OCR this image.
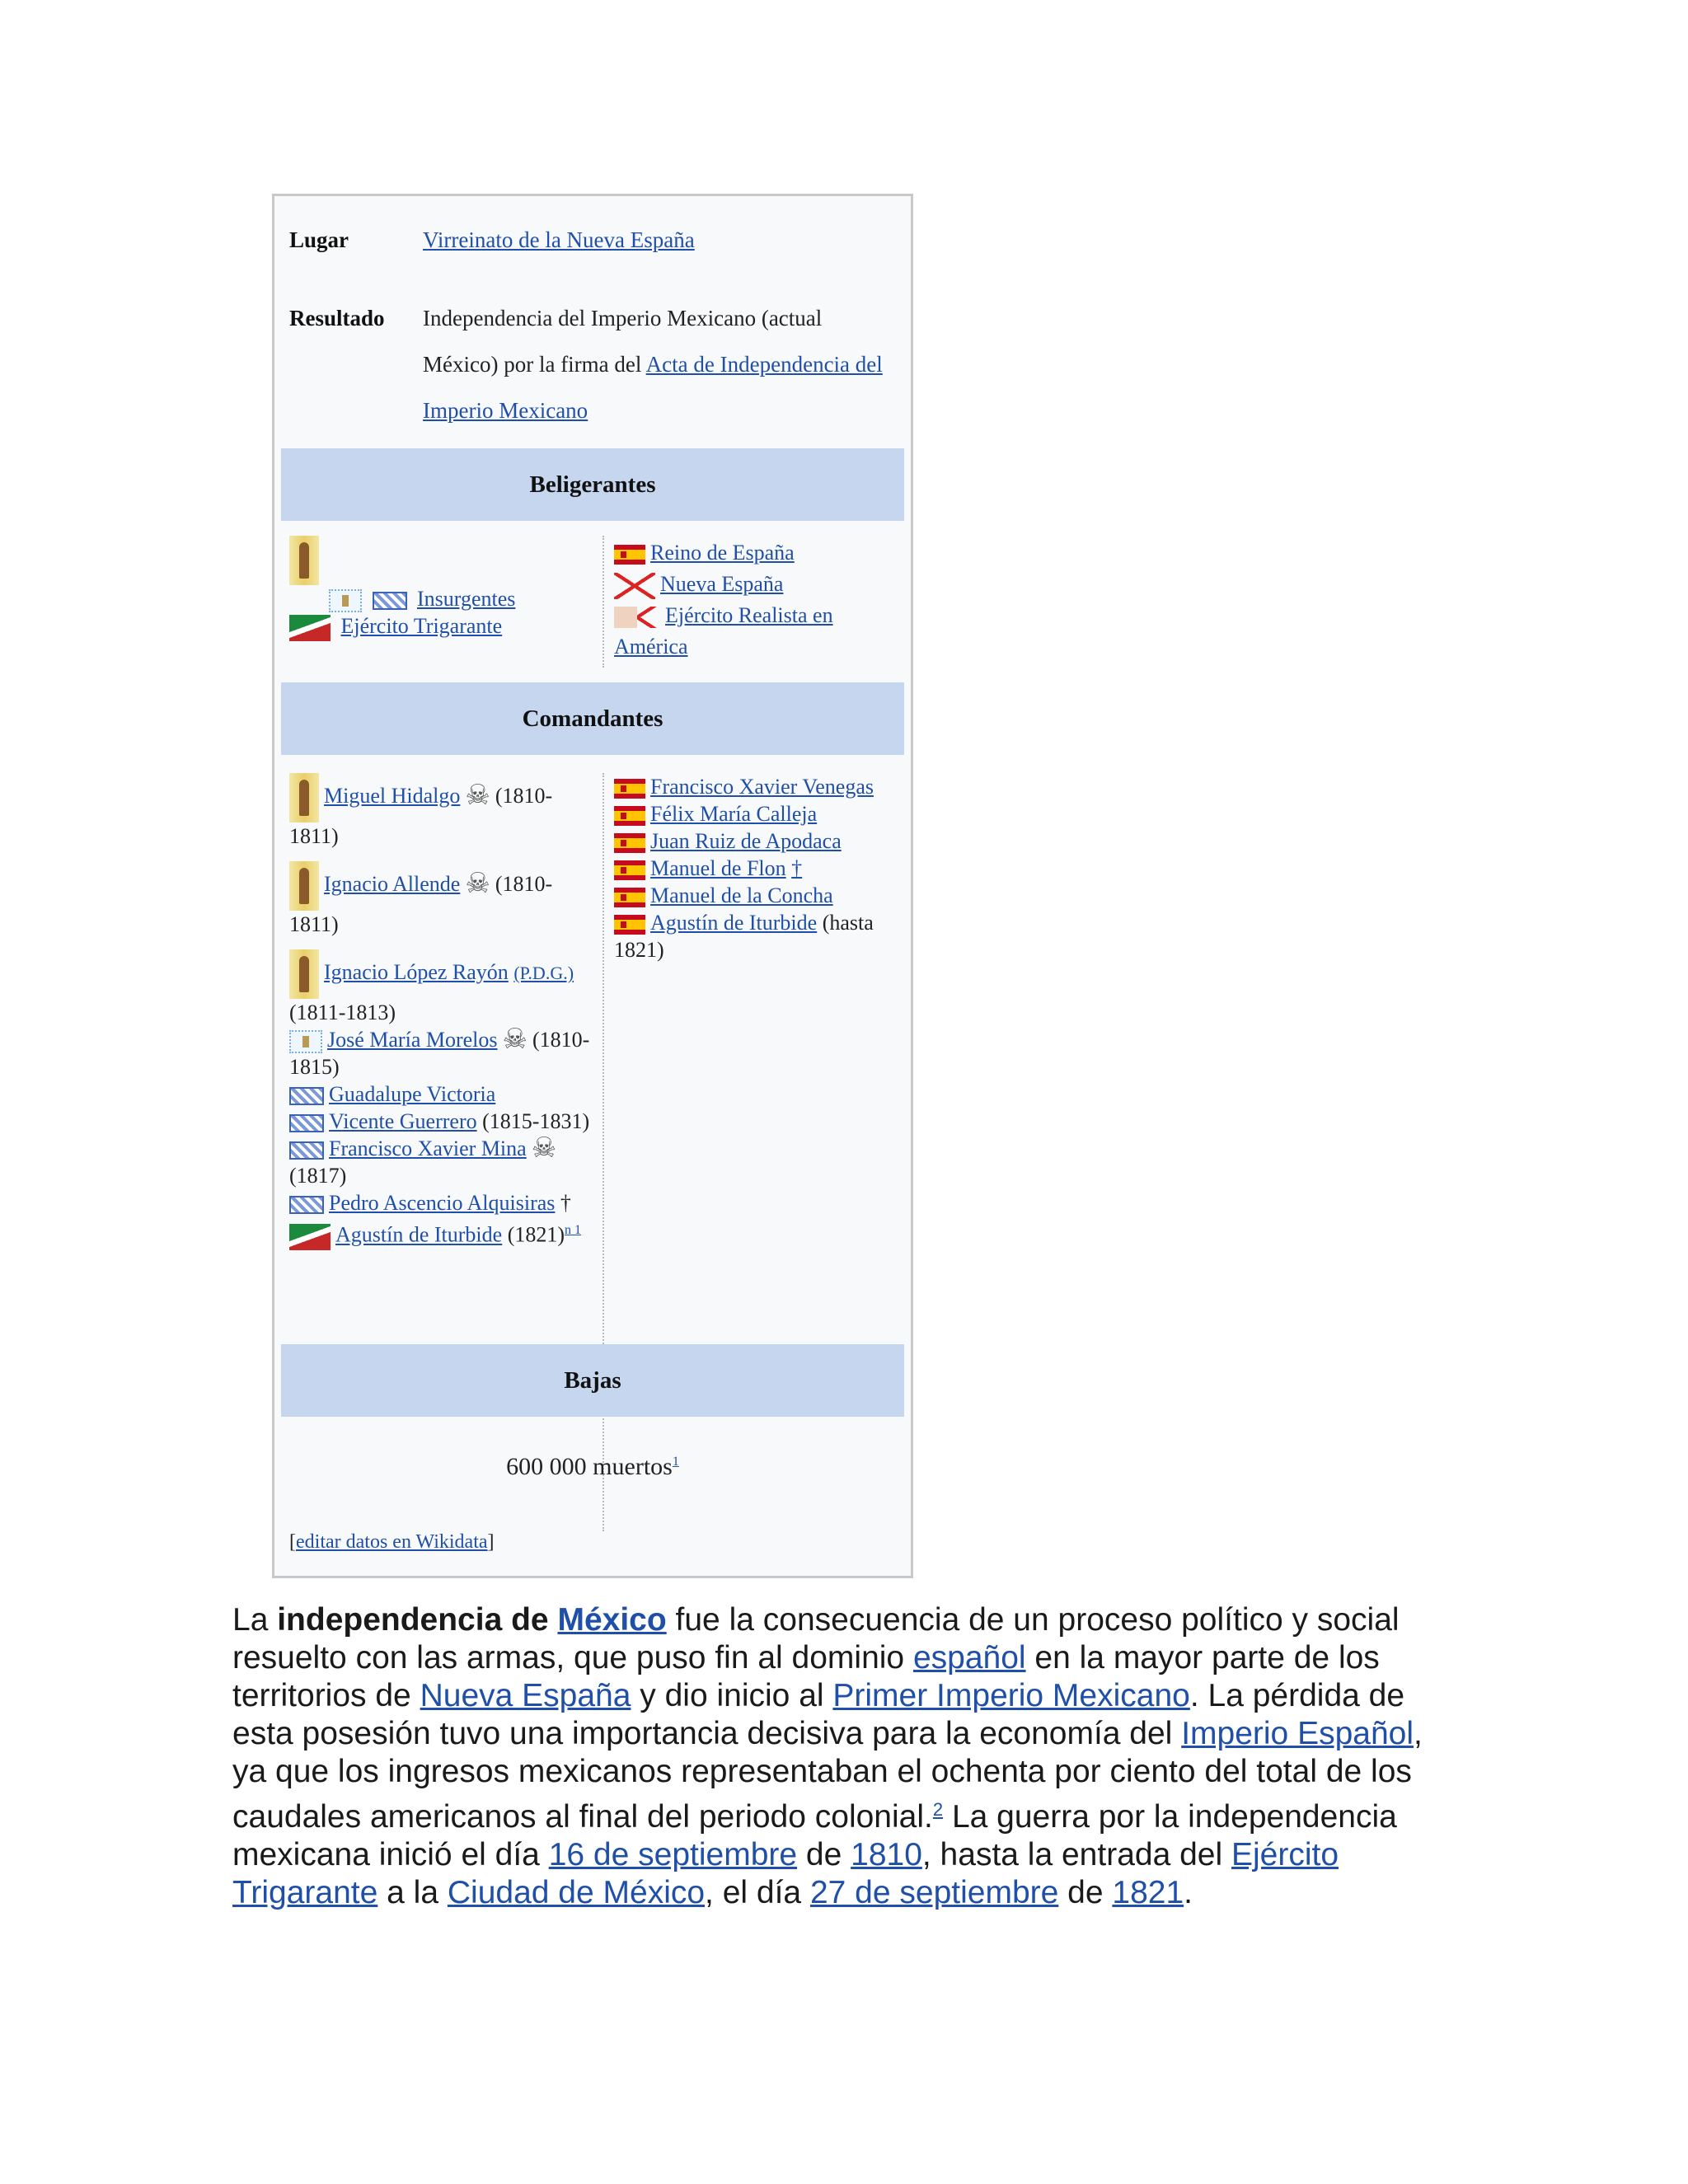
Lugar	Virreinato de la Nueva España
Resultado	Independencia del Imperio Mexicano (actual México) por la firma del Acta de Independencia del Imperio Mexicano
Beligerantes

Insurgentes
Ejército Trigarante
Reino de España
Nueva España
Ejército Realista en América
Comandantes
Miguel Hidalgo ☠ (1810-1811)
Ignacio Allende ☠ (1810-1811)
Ignacio López Rayón (P.D.G.)(1811-1813)
José María Morelos ☠ (1810-1815)
Guadalupe Victoria
Vicente Guerrero (1815-1831)
Francisco Xavier Mina ☠(1817)
Pedro Ascencio Alquisiras †
Agustín de Iturbide $(1821)^{n 1}$
Francisco Xavier Venegas
Félix María Calleja
Juan Ruiz de Apodaca
Manuel de Flon †
Manuel de la Concha
Agustín de Iturbide (hasta 1821)
Bajas
600 000 muertos$^1$
[editar datos en Wikidata]
La independencia de México fue la consecuencia de un proceso político y social resuelto con las armas, que puso fin al dominio español en la mayor parte de los territorios de Nueva España y dio inicio al Primer Imperio Mexicano. La pérdida de esta posesión tuvo una importancia decisiva para la economía del Imperio Español, ya que los ingresos mexicanos representaban el ochenta por ciento del total de los caudales americanos al final del periodo colonial.$^2$ La guerra por la independencia mexicana inició el día 16 de septiembre de 1810, hasta la entrada del Ejército Trigarante a la Ciudad de México, el día 27 de septiembre de 1821.
